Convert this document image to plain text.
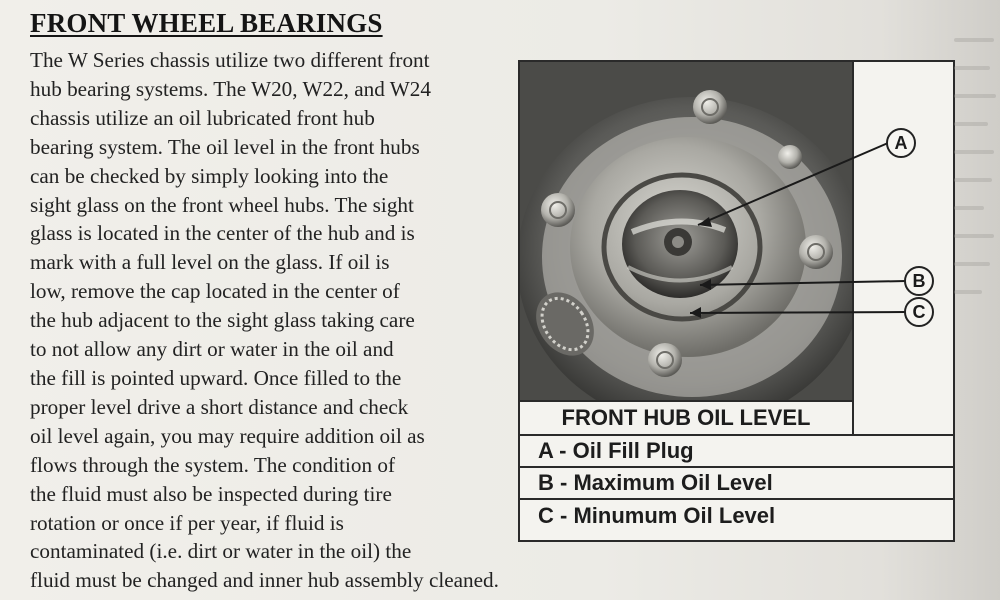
FRONT WHEEL BEARINGS
The W Series chassis utilize two different front
hub bearing systems. The W20, W22, and W24
chassis utilize an oil lubricated front hub
bearing system. The oil level in the front hubs
can be checked by simply looking into the
sight glass on the front wheel hubs. The sight
glass is located in the center of the hub and is
mark with a full level on the glass. If oil is
low, remove the cap located in the center of
the hub adjacent to the sight glass taking care
to not allow any dirt or water in the oil and
the fill is pointed upward. Once filled to the
proper level drive a short distance and check
oil level again, you may require addition oil as
flows through the system. The condition of
the fluid must also be inspected during tire
rotation or once if per year, if fluid is
contaminated (i.e. dirt or water in the oil) the
fluid must be changed and inner hub assembly cleaned.
FRONT HUB OIL LEVEL
A - Oil Fill Plug
B - Maximum Oil Level
C - Minumum Oil Level
A
B
C
